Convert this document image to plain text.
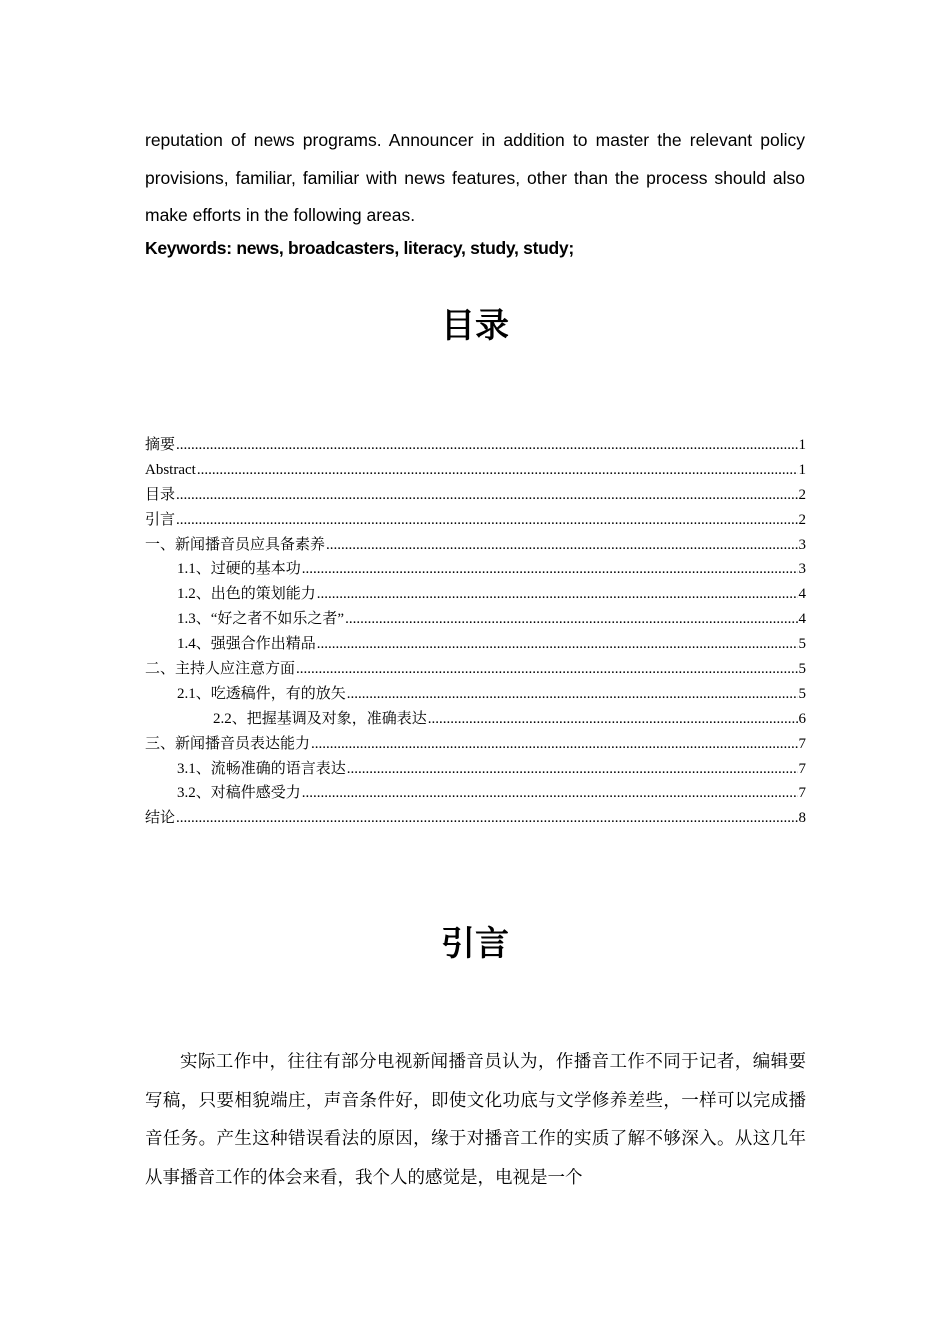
reputation of news programs. Announcer in addition to master the relevant policy provisions, familiar, familiar with news features, other than the process should also make efforts in the following areas.

Keywords: news, broadcasters, literacy, study, study;
目录
摘要 .....	1
Abstract .....	1
目录 .....	2
引言 .....	2
一、新闻播音员应具备素养 .....	3
1.1、过硬的基本功 .....	3
1.2、出色的策划能力 .....	4
1.3、“好之者不如乐之者” .....	4
1.4、强强合作出精品 .....	5
二、主持人应注意方面 .....	5
2.1、吃透稿件，有的放矢 .....	5
2.2、把握基调及对象，准确表达 .....	6
三、新闻播音员表达能力 .....	7
3.1、流畅准确的语言表达 .....	7
3.2、对稿件感受力 .....	7
结论 .....	8
引言

实际工作中，往往有部分电视新闻播音员认为，作播音工作不同于记者，编辑要写稿，只要相貌端庄，声音条件好，即使文化功底与文学修养差些，一样可以完成播音任务。产生这种错误看法的原因，缘于对播音工作的实质了解不够深入。从这几年从事播音工作的体会来看，我个人的感觉是，电视是一个
